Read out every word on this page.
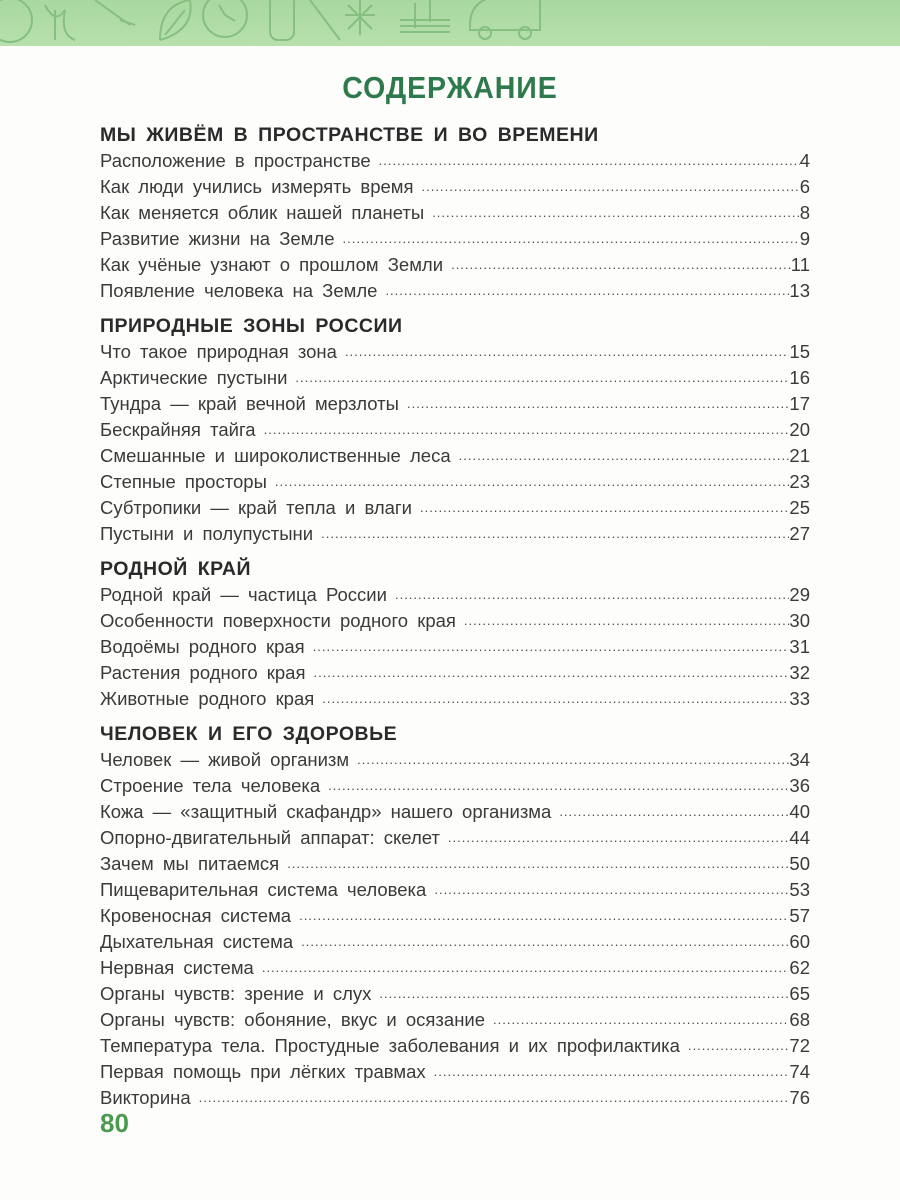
СОДЕРЖАНИЕ
МЫ ЖИВЁМ В ПРОСТРАНСТВЕ И ВО ВРЕМЕНИ
Расположение в пространстве .....	4
Как люди учились измерять время .....	6
Как меняется облик нашей планеты .....	8
Развитие жизни на Земле .....	9
Как учёные узнают о прошлом Земли .....	11
Появление человека на Земле .....	13
ПРИРОДНЫЕ ЗОНЫ РОССИИ
Что такое природная зона .....	15
Арктические пустыни .....	16
Тундра — край вечной мерзлоты .....	17
Бескрайняя тайга .....	20
Смешанные и широколиственные леса .....	21
Степные просторы .....	23
Субтропики — край тепла и влаги .....	25
Пустыни и полупустыни .....	27
РОДНОЙ КРАЙ
Родной край — частица России .....	29
Особенности поверхности родного края .....	30
Водоёмы родного края .....	31
Растения родного края .....	32
Животные родного края .....	33
ЧЕЛОВЕК И ЕГО ЗДОРОВЬЕ
Человек — живой организм .....	34
Строение тела человека .....	36
Кожа — «защитный скафандр» нашего организма .....	40
Опорно-двигательный аппарат: скелет .....	44
Зачем мы питаемся .....	50
Пищеварительная система человека .....	53
Кровеносная система .....	57
Дыхательная система .....	60
Нервная система .....	62
Органы чувств: зрение и слух .....	65
Органы чувств: обоняние, вкус и осязание .....	68
Температура тела. Простудные заболевания и их профилактика .....	72
Первая помощь при лёгких травмах .....	74
Викторина .....	76
80
